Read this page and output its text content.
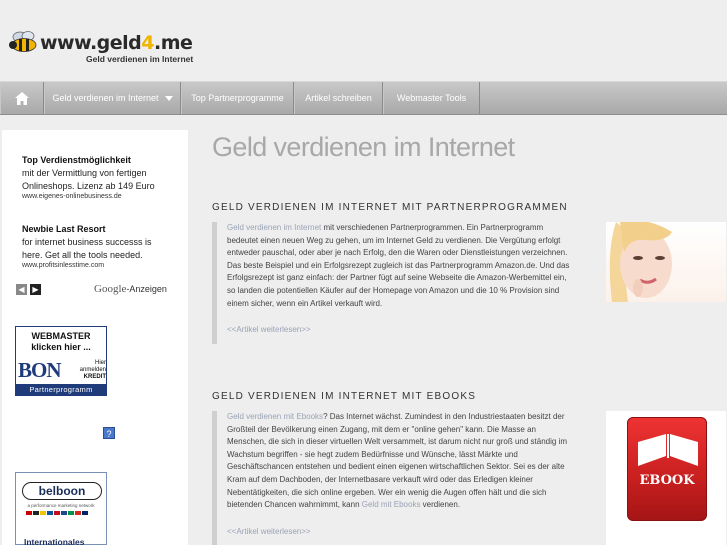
www.geld4.me
Geld verdienen im Internet
Geld verdienen im Internet	Top Partnerprogramme Artikel schreiben	Webmaster Tools
Top Verdienstmöglichkeit
mit der Vermittlung von fertigen Onlineshops. Lizenz ab 149 Euro
www.eigenes-onlinebusiness.de
Newbie Last Resort
for internet business successs is here. Get all the tools needed.
www.profitsinlesstime.com
◀ ▶	Google-Anzeigen
WEBMASTER
klicken hier ...
BON	Hier anmelden
KREDIT
Partnerprogramm
?
belboon
a performance marketing network
Internationales
Geld verdienen im Internet
GELD VERDIENEN IM INTERNET MIT PARTNERPROGRAMMEN
Geld verdienen im Internet mit verschiedenen Partnerprogrammen. Ein Partnerprogramm bedeutet einen neuen Weg zu gehen, um im Internet Geld zu verdienen. Die Vergütung erfolgt entweder pauschal, oder aber je nach Erfolg, den die Waren oder Dienstleistungen verzeichnen. Das beste Beispiel und ein Erfolgsrezept zugleich ist das Partnerprogramm Amazon.de. Und das Erfolgsrezept ist ganz einfach: der Partner fügt auf seine Webseite die Amazon-Werbemittel ein, so landen die potentiellen Käufer auf der Homepage von Amazon und die 10 % Provision sind einem sicher, wenn ein Artikel verkauft wird.
<<Artikel weiterlesen>>
GELD VERDIENEN IM INTERNET MIT EBOOKS
Geld verdienen mit Ebooks? Das Internet wächst. Zumindest in den Industriestaaten besitzt der Großteil der Bevölkerung einen Zugang, mit dem er "online gehen" kann. Die Masse an Menschen, die sich in dieser virtuellen Welt versammelt, ist darum nicht nur groß und ständig im Wachstum begriffen - sie hegt zudem Bedürfnisse und Wünsche, lässt Märkte und Geschäftschancen entstehen und bedient einen eigenen wirtschaftlichen Sektor. Sei es der alte Kram auf dem Dachboden, der Internetbasare verkauft wird oder das Erledigen kleiner Nebentätigkeiten, die sich online ergeben. Wer ein wenig die Augen offen hält und die sich bietenden Chancen wahrnimmt, kann Geld mit Ebooks verdienen.
<<Artikel weiterlesen>>
EBOOK
